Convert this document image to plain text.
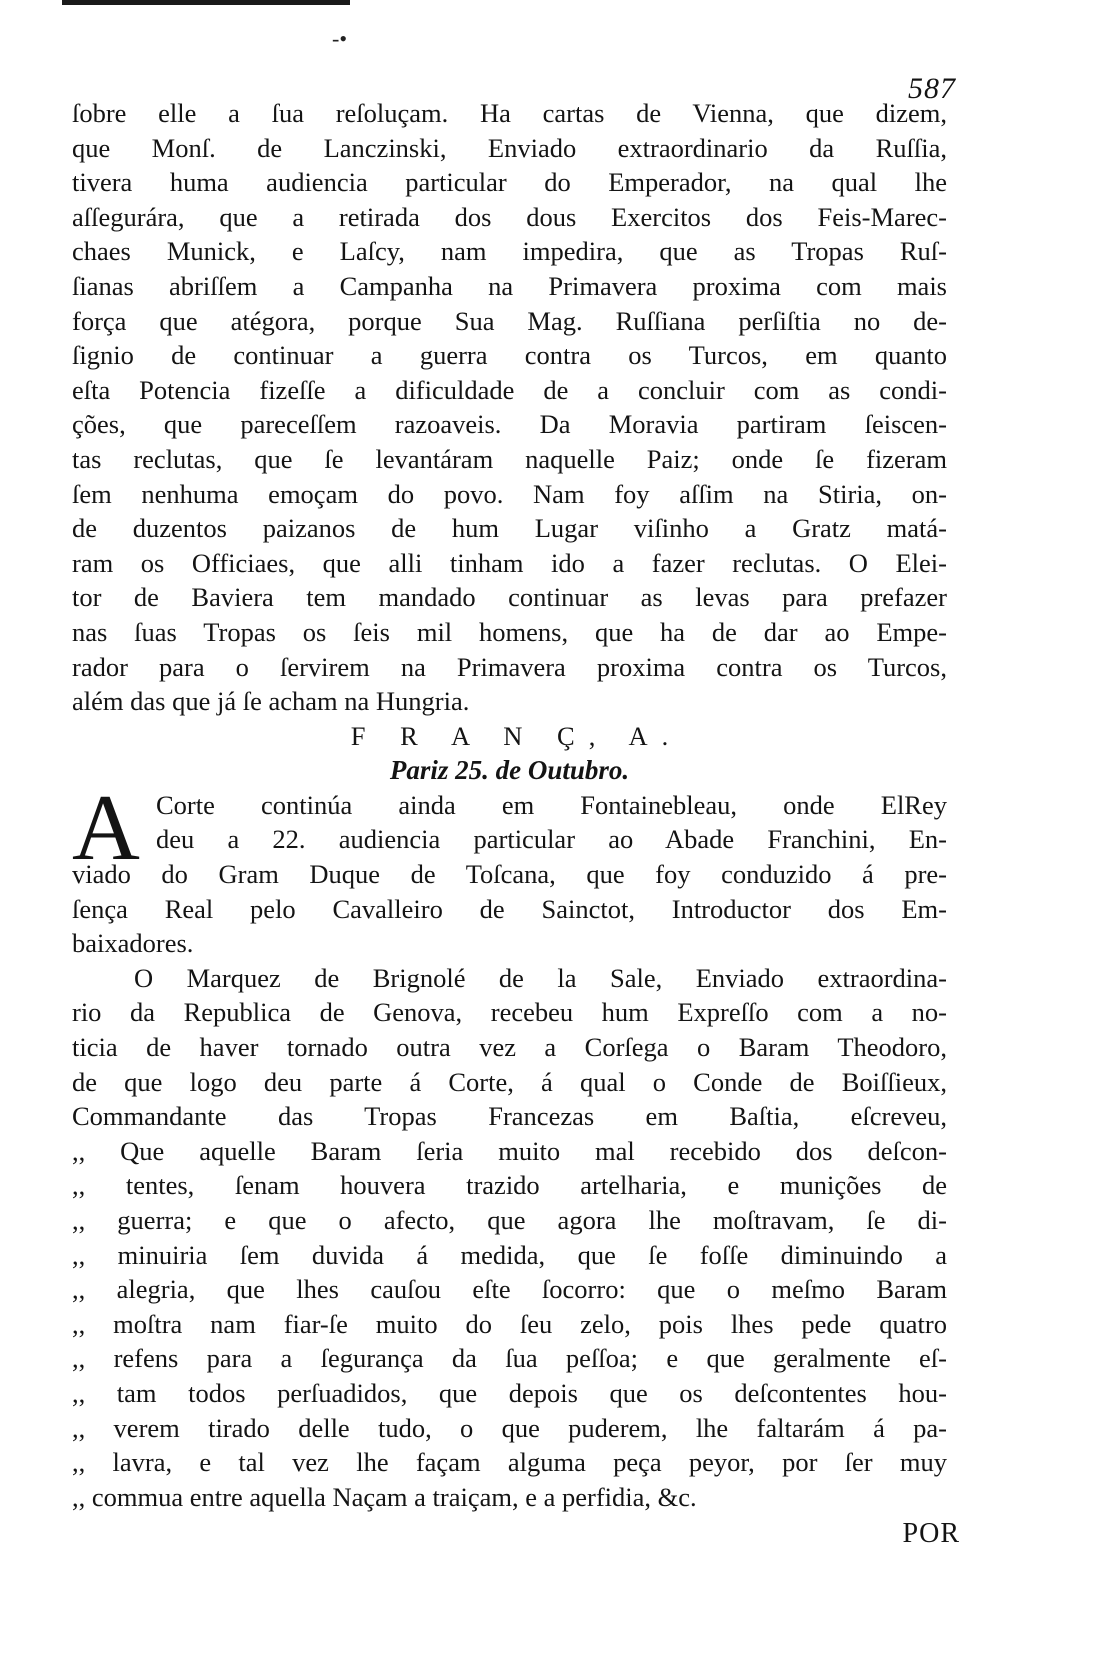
-•
587
ſobre elle a ſua reſoluçam. Ha cartas de Vienna, que dizem,
que Monſ. de Lanczinski, Enviado extraordinario da Ruſſia,
tivera huma audiencia particular do Emperador, na qual lhe
aſſegurára, que a retirada dos dous Exercitos dos Feis-Marec-
chaes Munick, e Laſcy, nam impedira, que as Tropas Ruſ-
ſianas abriſſem a Campanha na Primavera proxima com mais
força que atégora, porque Sua Mag. Ruſſiana perſiſtia no de-
ſignio de continuar a guerra contra os Turcos, em quanto
eſta Potencia fizeſſe a dificuldade de a concluir com as condi-
ções, que pareceſſem razoaveis. Da Moravia partiram ſeiscen-
tas reclutas, que ſe levantáram naquelle Paiz; onde ſe fizeram
ſem nenhuma emoçam do povo. Nam foy aſſim na Stiria, on-
de duzentos paizanos de hum Lugar viſinho a Gratz matá-
ram os Officiaes, que alli tinham ido a fazer reclutas. O Elei-
tor de Baviera tem mandado continuar as levas para prefazer
nas ſuas Tropas os ſeis mil homens, que ha de dar ao Empe-
rador para o ſervirem na Primavera proxima contra os Turcos,
além das que já ſe acham na Hungria.
F R A N Ç, A.
Pariz 25. de Outubro.
A Corte continúa ainda em Fontainebleau, onde ElRey
deu a 22. audiencia particular ao Abade Franchini, En-
viado do Gram Duque de Toſcana, que foy conduzido á pre-
ſença Real pelo Cavalleiro de Sainctot, Introductor dos Em-
baixadores.
O Marquez de Brignolé de la Sale, Enviado extraordina-
rio da Republica de Genova, recebeu hum Expreſſo com a no-
ticia de haver tornado outra vez a Corſega o Baram Theodoro,
de que logo deu parte á Corte, á qual o Conde de Boiſſieux,
Commandante das Tropas Francezas em Baſtia, eſcreveu,
,, Que aquelle Baram ſeria muito mal recebido dos deſcon-
,, tentes, ſenam houvera trazido artelharia, e munições de
,, guerra; e que o afecto, que agora lhe moſtravam, ſe di-
,, minuiria ſem duvida á medida, que ſe foſſe diminuindo a
,, alegria, que lhes cauſou eſte ſocorro: que o meſmo Baram
,, moſtra nam fiar-ſe muito do ſeu zelo, pois lhes pede quatro
,, refens para a ſegurança da ſua peſſoa; e que geralmente eſ-
,, tam todos perſuadidos, que depois que os deſcontentes hou-
,, verem tirado delle tudo, o que puderem, lhe faltarám á pa-
,, lavra, e tal vez lhe façam alguma peça peyor, por ſer muy
,, commua entre aquella Naçam a traiçam, e a perfidia, &c.
POR
